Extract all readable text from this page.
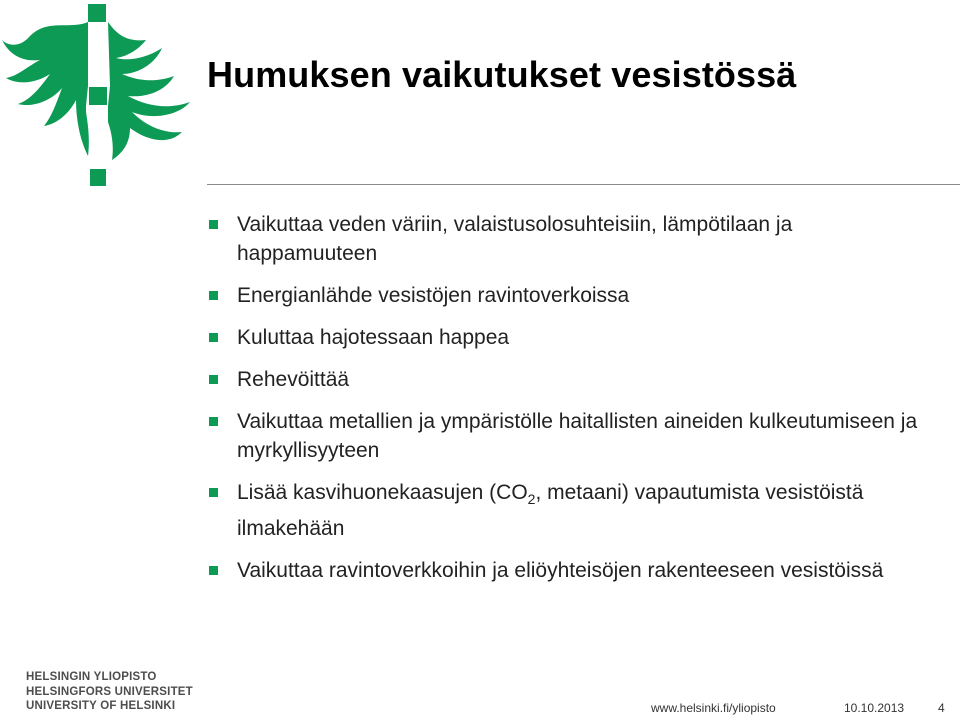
Humuksen vaikutukset vesistössä
Vaikuttaa veden väriin, valaistusolosuhteisiin, lämpötilaan ja happamuuteen
Energianlähde vesistöjen ravintoverkoissa
Kuluttaa hajotessaan happea
Rehevöittää
Vaikuttaa metallien ja ympäristölle haitallisten aineiden kulkeutumiseen ja myrkyllisyyteen
Lisää kasvihuonekaasujen ($CO_2$, metaani) vapautumista vesistöistä ilmakehään
Vaikuttaa ravintoverkkoihin ja eliöyhteisöjen rakenteeseen vesistöissä
HELSINGIN YLIOPISTO
HELSINGFORS UNIVERSITET
UNIVERSITY OF HELSINKI	www.helsinki.fi/yliopisto	10.10.2013	4
